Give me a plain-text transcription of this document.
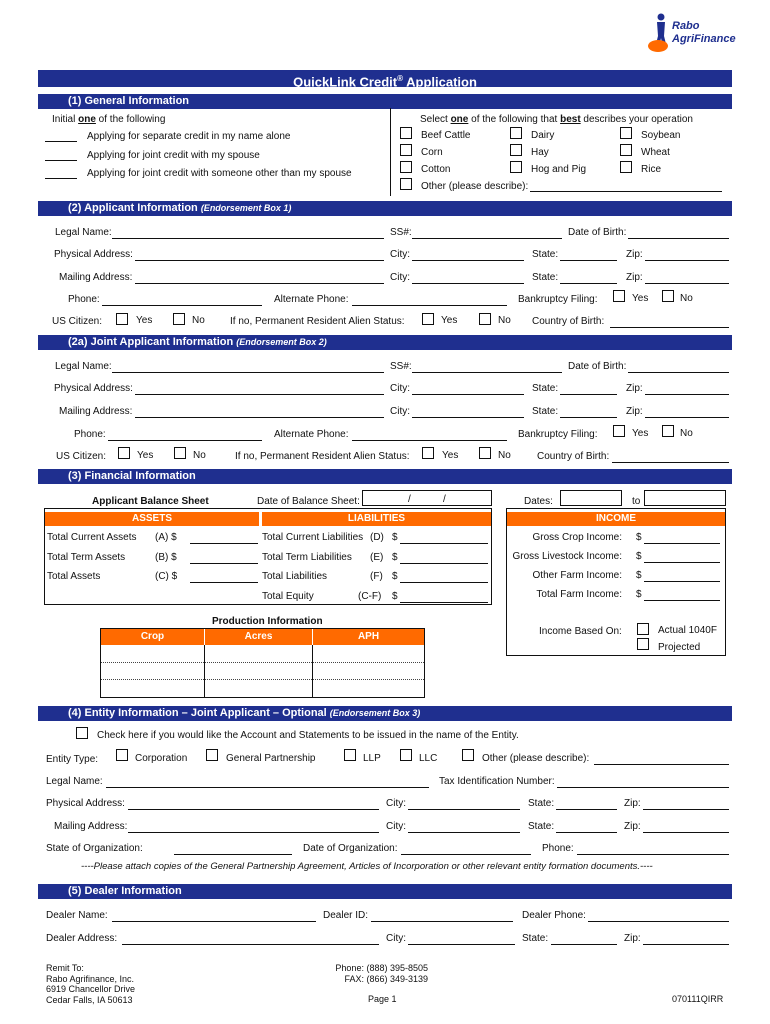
Rabo
AgriFinance
QuickLink Credit® Application
(1) General Information
Initial one of the following	Select one of the following that best describes your operation
Applying for separate credit in my name alone
Applying for joint credit with my spouse
Applying for joint credit with someone other than my spouse
Beef Cattle	Dairy	Soybean
Corn	Hay	Wheat
Cotton	Hog and Pig	Rice
Other (please describe):
(2) Applicant Information (Endorsement Box 1)
Legal Name:	SS#:	Date of Birth:
Physical Address:	City:	State:	Zip:
Mailing Address:	City:	State:	Zip:
Phone:	Alternate Phone:	Bankruptcy Filing:	Yes	No
US Citizen:	Yes	No	If no, Permanent Resident Alien Status:	Yes	No Country of Birth:
(2a) Joint Applicant Information (Endorsement Box 2)
Legal Name:	SS#:	Date of Birth:
Physical Address:	City:	State:	Zip:
Mailing Address:	City:	State:	Zip:
Phone:	Alternate Phone:	Bankruptcy Filing:	Yes	No
US Citizen:	Yes	No	If no, Permanent Resident Alien Status:	Yes	No	Country of Birth:
(3) Financial Information
Applicant Balance Sheet	Date of Balance Sheet:	/	/
ASSETS	LIABILITIES
Total Current Assets (A) $
Total Term Assets	(B) $
Total Assets	(C) $
Total Current Liabilities (D) $
Total Term Liabilities (E) $
Total Liabilities	(F) $
Total Equity	(C-F) $
Dates:	to
INCOME
Gross Crop Income: $
Gross Livestock Income: $
Other Farm Income: $
Total Farm Income: $
Income Based On:	Actual 1040F
Projected
Production Information
Crop	Acres	APH
(4) Entity Information – Joint Applicant – Optional (Endorsement Box 3)
Check here if you would like the Account and Statements to be issued in the name of the Entity.
Entity Type:	Corporation	General Partnership	LLP	LLC	Other (please describe):
Legal Name:	Tax Identification Number:
Physical Address:	City:	State:	Zip:
Mailing Address:	City:	State:	Zip:
State of Organization:	Date of Organization:	Phone:
----Please attach copies of the General Partnership Agreement, Articles of Incorporation or other relevant entity formation documents.----
(5) Dealer Information
Dealer Name:	Dealer ID:	Dealer Phone:
Dealer Address:	City:	State:	Zip:
Remit To:
Rabo Agrifinance, Inc.
6919 Chancellor Drive
Cedar Falls, IA 50613
Phone: (888) 395-8505
FAX: (866) 349-3139
Page 1	070111QIRR
